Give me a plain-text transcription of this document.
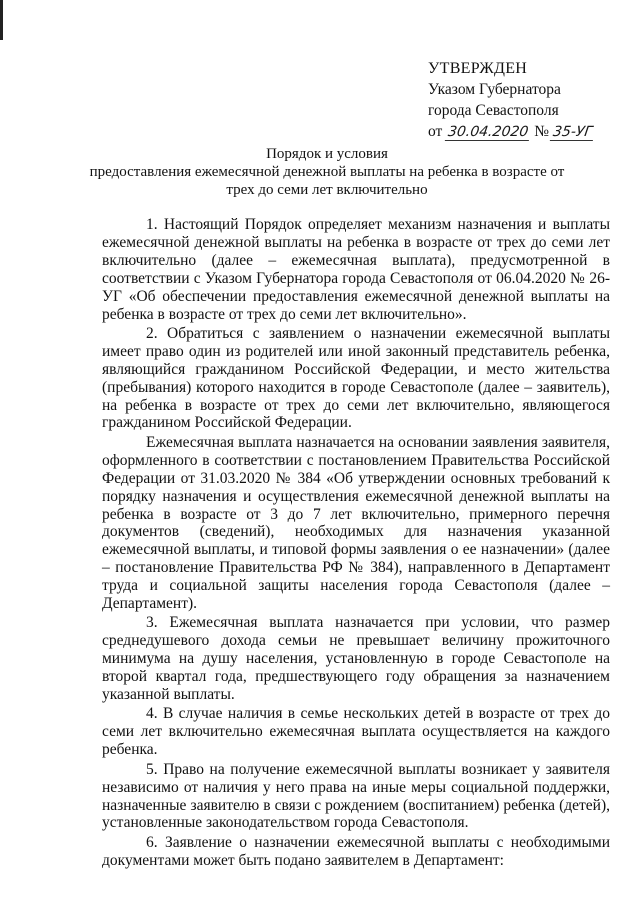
УТВЕРЖДЕН
Указом Губернатора
города Севастополя
от 30.04.2020 № 35-УГ
Порядок и условия
предоставления ежемесячной денежной выплаты на ребенка в возрасте от
трех до семи лет включительно

1. Настоящий Порядок определяет механизм назначения и выплаты ежемесячной денежной выплаты на ребенка в возрасте от трех до семи лет включительно (далее – ежемесячная выплата), предусмотренной в соответствии с Указом Губернатора города Севастополя от 06.04.2020 № 26-УГ «Об обеспечении предоставления ежемесячной денежной выплаты на ребенка в возрасте от трех до семи лет включительно».

2. Обратиться с заявлением о назначении ежемесячной выплаты имеет право один из родителей или иной законный представитель ребенка, являющийся гражданином Российской Федерации, и место жительства (пребывания) которого находится в городе Севастополе (далее – заявитель), на ребенка в возрасте от трех до семи лет включительно, являющегося гражданином Российской Федерации.

Ежемесячная выплата назначается на основании заявления заявителя, оформленного в соответствии с постановлением Правительства Российской Федерации от 31.03.2020 № 384 «Об утверждении основных требований к порядку назначения и осуществления ежемесячной денежной выплаты на ребенка в возрасте от 3 до 7 лет включительно, примерного перечня документов (сведений), необходимых для назначения указанной ежемесячной выплаты, и типовой формы заявления о ее назначении» (далее – постановление Правительства РФ № 384), направленного в Департамент труда и социальной защиты населения города Севастополя (далее – Департамент).

3. Ежемесячная выплата назначается при условии, что размер среднедушевого дохода семьи не превышает величину прожиточного минимума на душу населения, установленную в городе Севастополе на второй квартал года, предшествующего году обращения за назначением указанной выплаты.

4. В случае наличия в семье нескольких детей в возрасте от трех до семи лет включительно ежемесячная выплата осуществляется на каждого ребенка.

5. Право на получение ежемесячной выплаты возникает у заявителя независимо от наличия у него права на иные меры социальной поддержки, назначенные заявителю в связи с рождением (воспитанием) ребенка (детей), установленные законодательством города Севастополя.

6. Заявление о назначении ежемесячной выплаты с необходимыми документами может быть подано заявителем в Департамент:
